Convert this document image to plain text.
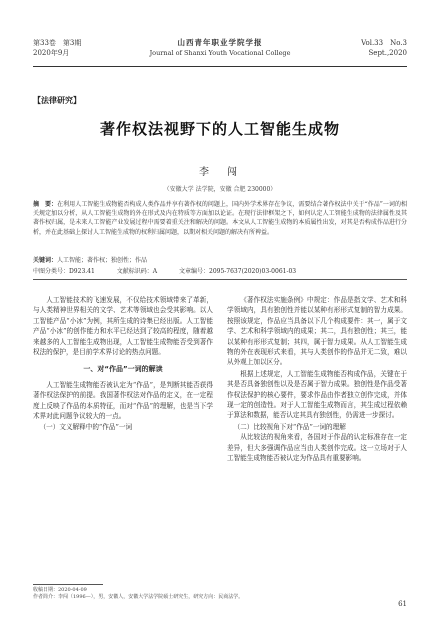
第33卷　第3期
2020年9月
山西青年职业学院学报
Journal of Shanxi Youth Vocational College
Vol.33　No.3
Sept.,2020
【法律研究】
著作权法视野下的人工智能生成物
李　闯
（安徽大学 法学院，安徽 合肥 230000）
摘　要：在利用人工智能生成物能否构成人类作品并享有著作权的问题上，国内外学术界存在争议，需要结合著作权法中关于“作品”一词的相关规定加以分析，从人工智能生成物的外在形式及内在特质等方面加以论证。在现行法律框架之下，如何认定人工智能生成物的法律属性及其著作权归属，是未来人工智能产业发展过程中需要着重关注和解决的问题。本文从人工智能生成物的本质属性出发，对其是否构成作品进行分析，并在此基础上探讨人工智能生成物的权利归属问题，以期对相关问题的解决有所裨益。
关键词：人工智能；著作权；独创性；作品
中图分类号：D923.41	文献标识码：A	文章编号：2095-7637(2020)03-0061-03

人工智能技术的飞速发展，不仅给技术领域带来了革新，与人类精神世界相关的文学、艺术等领域也会受其影响。以人工智能产品“小冰”为例，其所生成的诗集已经出版。人工智能产品“小冰”的创作能力和水平已经达到了较高的程度，随着越来越多的人工智能生成物出现，人工智能生成物能否受到著作权法的保护，是目前学术界讨论的热点问题。

一、对“作品”一词的解读

人工智能生成物能否被认定为“作品”，是判断其能否获得著作权法保护的前提。我国著作权法对作品的定义，在一定程度上反映了作品的本质特征，而对“作品”的理解，也是当下学术界对此问题争议较大的一点。

（一）文义解释中的“作品”一词

《著作权法实施条例》中规定：作品是指文学、艺术和科学领域内，具有独创性并能以某种有形形式复制的智力成果。按照该规定，作品应当具备以下几个构成要件：其一，属于文学、艺术和科学领域内的成果；其二，具有独创性；其三，能以某种有形形式复制；其四，属于智力成果。从人工智能生成物的外在表现形式来看，其与人类创作的作品并无二致，难以从外观上加以区分。

根据上述规定，人工智能生成物能否构成作品，关键在于其是否具备独创性以及是否属于智力成果。独创性是作品受著作权法保护的核心要件，要求作品由作者独立创作完成，并体现一定的创造性。对于人工智能生成物而言，其生成过程依赖于算法和数据，能否认定其具有独创性，仍需进一步探讨。

（二）比较视角下对“作品”一词的理解

从比较法的视角来看，各国对于作品的认定标准存在一定差异，但大多强调作品应当由人类创作完成。这一立场对于人工智能生成物能否被认定为作品具有重要影响。

收稿日期：2020-04-09
作者简介：李闯（1996—），男，安徽人，安徽大学法学院硕士研究生，研究方向：民商法学。
61
